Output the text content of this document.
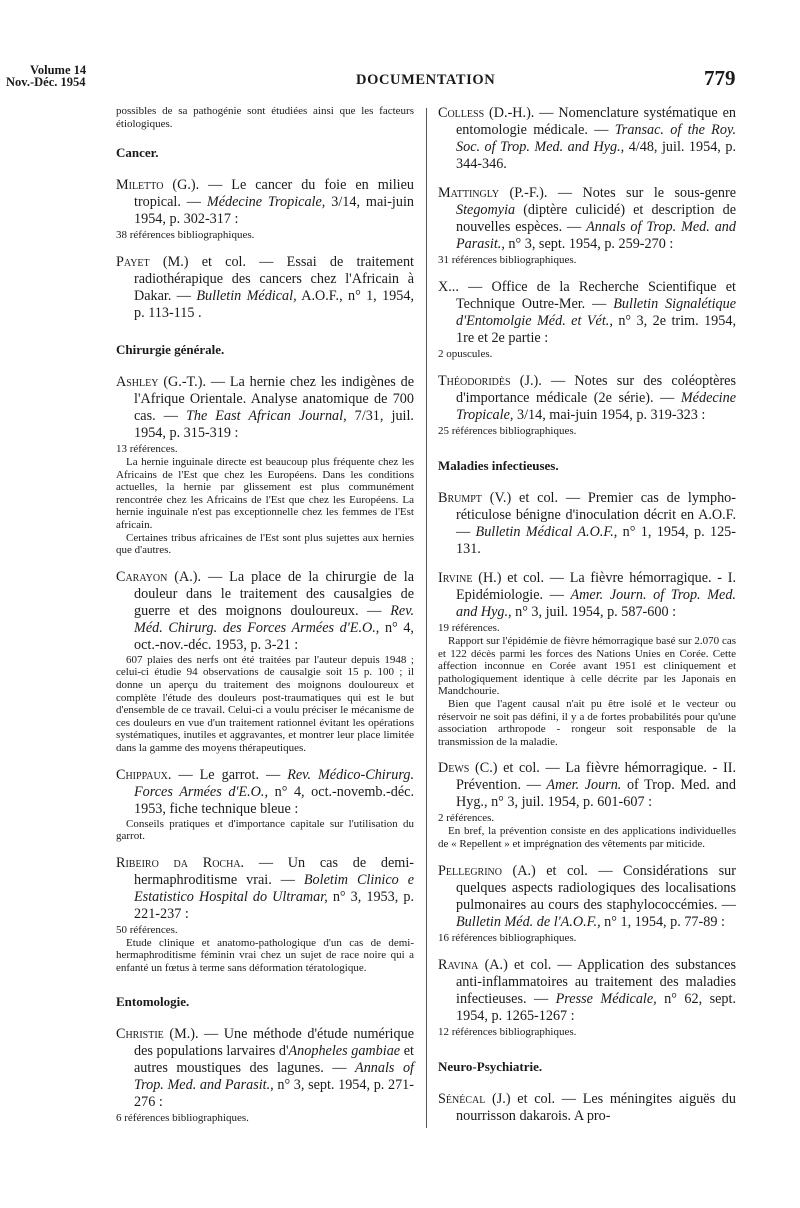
Volume 14
Nov.-Déc. 1954	DOCUMENTATION	779

possibles de sa pathogénie sont étudiées ainsi que les facteurs étiologiques.

Cancer.

Miletto (G.). — Le cancer du foie en milieu tropical. — Médecine Tropicale, 3/14, mai-juin 1954, p. 302-317 :

38 références bibliographiques.

Payet (M.) et col. — Essai de traitement radiothérapique des cancers chez l'Africain à Dakar. — Bulletin Médical, A.O.F., n° 1, 1954, p. 113-115 .

Chirurgie générale.

Ashley (G.-T.). — La hernie chez les indigènes de l'Afrique Orientale. Analyse anatomique de 700 cas. — The East African Journal, 7/31, juil. 1954, p. 315-319 :

13 références.

La hernie inguinale directe est beaucoup plus fréquente chez les Africains de l'Est que chez les Européens. Dans les conditions actuelles, la hernie par glissement est plus communément rencontrée chez les Africains de l'Est que chez les Européens. La hernie inguinale n'est pas exceptionnelle chez les femmes de l'Est africain.

Certaines tribus africaines de l'Est sont plus sujettes aux hernies que d'autres.

Carayon (A.). — La place de la chirurgie de la douleur dans le traitement des causalgies de guerre et des moignons douloureux. — Rev. Méd. Chirurg. des Forces Armées d'E.O., n° 4, oct.-nov.-déc. 1953, p. 3-21 :

607 plaies des nerfs ont été traitées par l'auteur depuis 1948 ; celui-ci étudie 94 observations de causalgie soit 15 p. 100 ; il donne un aperçu du traitement des moignons douloureux et complète l'étude des douleurs post-traumatiques qui est le but d'ensemble de ce travail. Celui-ci a voulu préciser le mécanisme de ces douleurs en vue d'un traitement rationnel évitant les opérations systématiques, inutiles et aggravantes, et montrer leur place limitée dans la gamme des moyens thérapeutiques.

Chippaux. — Le garrot. — Rev. Médico-Chirurg. Forces Armées d'E.O., n° 4, oct.-novemb.-déc. 1953, fiche technique bleue :

Conseils pratiques et d'importance capitale sur l'utilisation du garrot.

Ribeiro da Rocha. — Un cas de demi-hermaphroditisme vrai. — Boletim Clinico e Estatistico Hospital do Ultramar, n° 3, 1953, p. 221-237 :

50 références.

Etude clinique et anatomo-pathologique d'un cas de demi-hermaphroditisme féminin vrai chez un sujet de race noire qui a enfanté un fœtus à terme sans déformation tératologique.

Entomologie.

Christie (M.). — Une méthode d'étude numérique des populations larvaires d'Anopheles gambiae et autres moustiques des lagunes. — Annals of Trop. Med. and Parasit., n° 3, sept. 1954, p. 271-276 :

6 références bibliographiques.

Colless (D.-H.). — Nomenclature systématique en entomologie médicale. — Transac. of the Roy. Soc. of Trop. Med. and Hyg., 4/48, juil. 1954, p. 344-346.

Mattingly (P.-F.). — Notes sur le sous-genre Stegomyia (diptère culicidé) et description de nouvelles espèces. — Annals of Trop. Med. and Parasit., n° 3, sept. 1954, p. 259-270 :

31 références bibliographiques.

X... — Office de la Recherche Scientifique et Technique Outre-Mer. — Bulletin Signalétique d'Entomolgie Méd. et Vét., n° 3, 2e trim. 1954, 1re et 2e partie :

2 opuscules.

Théodoridès (J.). — Notes sur des coléoptères d'importance médicale (2e série). — Médecine Tropicale, 3/14, mai-juin 1954, p. 319-323 :

25 références bibliographiques.

Maladies infectieuses.

Brumpt (V.) et col. — Premier cas de lympho-réticulose bénigne d'inoculation décrit en A.O.F. — Bulletin Médical A.O.F., n° 1, 1954, p. 125-131.

Irvine (H.) et col. — La fièvre hémorragique. - I. Epidémiologie. — Amer. Journ. of Trop. Med. and Hyg., n° 3, juil. 1954, p. 587-600 :

19 références.

Rapport sur l'épidémie de fièvre hémorragique basé sur 2.070 cas et 122 décès parmi les forces des Nations Unies en Corée. Cette affection inconnue en Corée avant 1951 est cliniquement et pathologiquement identique à celle décrite par les Japonais en Mandchourie.

Bien que l'agent causal n'ait pu être isolé et le vecteur ou réservoir ne soit pas défini, il y a de fortes probabilités pour qu'une association arthropode - rongeur soit responsable de la transmission de la maladie.

Dews (C.) et col. — La fièvre hémorragique. - II. Prévention. — Amer. Journ. of Trop. Med. and Hyg., n° 3, juil. 1954, p. 601-607 :

2 références.

En bref, la prévention consiste en des applications individuelles de « Repellent » et imprégnation des vêtements par miticide.

Pellegrino (A.) et col. — Considérations sur quelques aspects radiologiques des localisations pulmonaires au cours des staphylococcémies. — Bulletin Méd. de l'A.O.F., n° 1, 1954, p. 77-89 :

16 références bibliographiques.

Ravina (A.) et col. — Application des substances anti-inflammatoires au traitement des maladies infectieuses. — Presse Médicale, n° 62, sept. 1954, p. 1265-1267 :

12 références bibliographiques.

Neuro-Psychiatrie.

Sénécal (J.) et col. — Les méningites aiguës du nourrisson dakarois. A pro-
